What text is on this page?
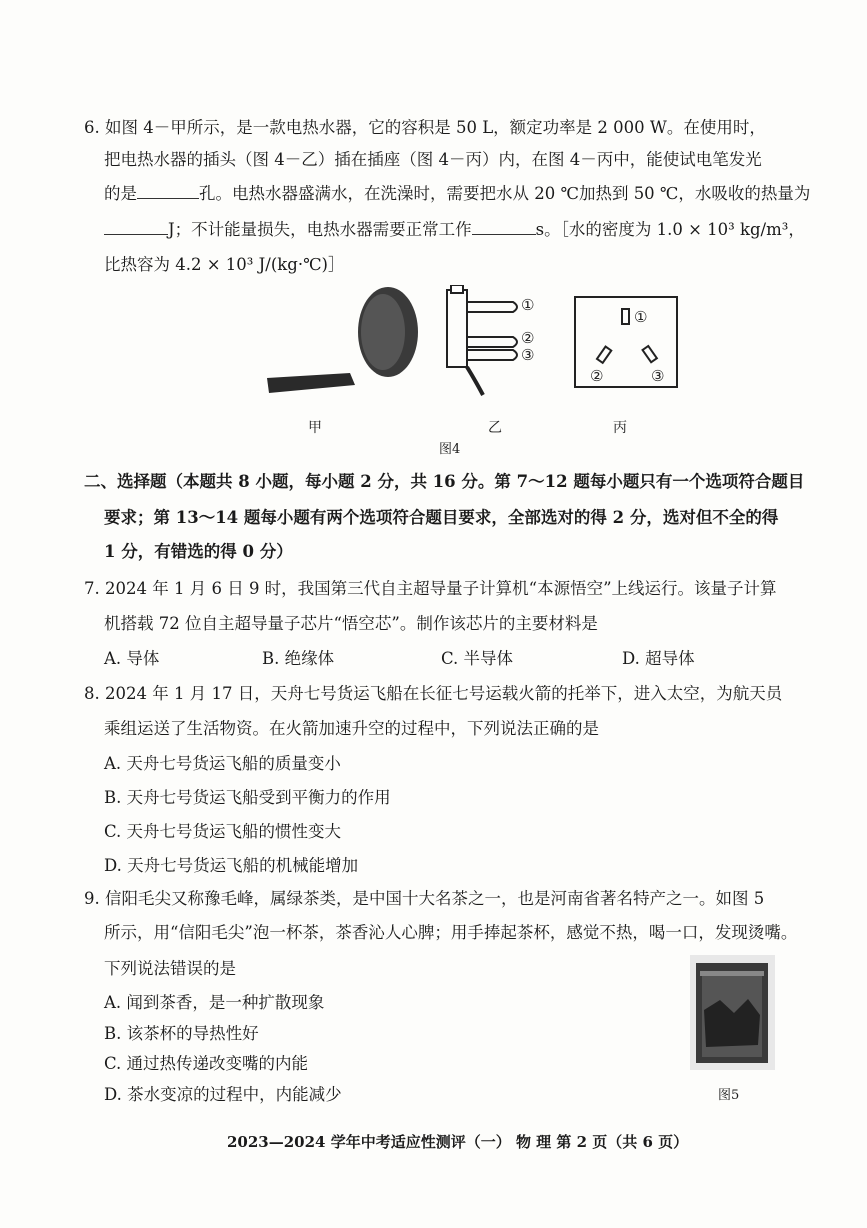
6. 如图 4－甲所示，是一款电热水器，它的容积是 50 L，额定功率是 2 000 W。在使用时，
把电热水器的插头（图 4－乙）插在插座（图 4－丙）内，在图 4－丙中，能使试电笔发光
的是	孔。电热水器盛满水，在洗澡时，需要把水从 20 ℃加热到 50 ℃，水吸收的热量为
J；不计能量损失，电热水器需要正常工作	s。［水的密度为 1.0 × 10³ kg/m³，
比热容为 4.2 × 10³ J/(kg·℃)］
①
②
③
①
②	③
甲	乙	丙
图4
二、选择题（本题共 8 小题，每小题 2 分，共 16 分。第 7～12 题每小题只有一个选项符合题目
要求；第 13～14 题每小题有两个选项符合题目要求，全部选对的得 2 分，选对但不全的得
1 分，有错选的得 0 分）
7. 2024 年 1 月 6 日 9 时，我国第三代自主超导量子计算机“本源悟空”上线运行。该量子计算
机搭载 72 位自主超导量子芯片“悟空芯”。制作该芯片的主要材料是
A. 导体	B. 绝缘体	C. 半导体	D. 超导体
8. 2024 年 1 月 17 日，天舟七号货运飞船在长征七号运载火箭的托举下，进入太空，为航天员
乘组运送了生活物资。在火箭加速升空的过程中，下列说法正确的是
A. 天舟七号货运飞船的质量变小
B. 天舟七号货运飞船受到平衡力的作用
C. 天舟七号货运飞船的惯性变大
D. 天舟七号货运飞船的机械能增加
9. 信阳毛尖又称豫毛峰，属绿茶类，是中国十大名茶之一，也是河南省著名特产之一。如图 5
所示，用“信阳毛尖”泡一杯茶，茶香沁人心脾；用手捧起茶杯，感觉不热，喝一口，发现烫嘴。
下列说法错误的是
A. 闻到茶香，是一种扩散现象
B. 该茶杯的导热性好
C. 通过热传递改变嘴的内能
D. 茶水变凉的过程中，内能减少	图5
2023—2024 学年中考适应性测评（一） 物 理 第 2 页（共 6 页）
